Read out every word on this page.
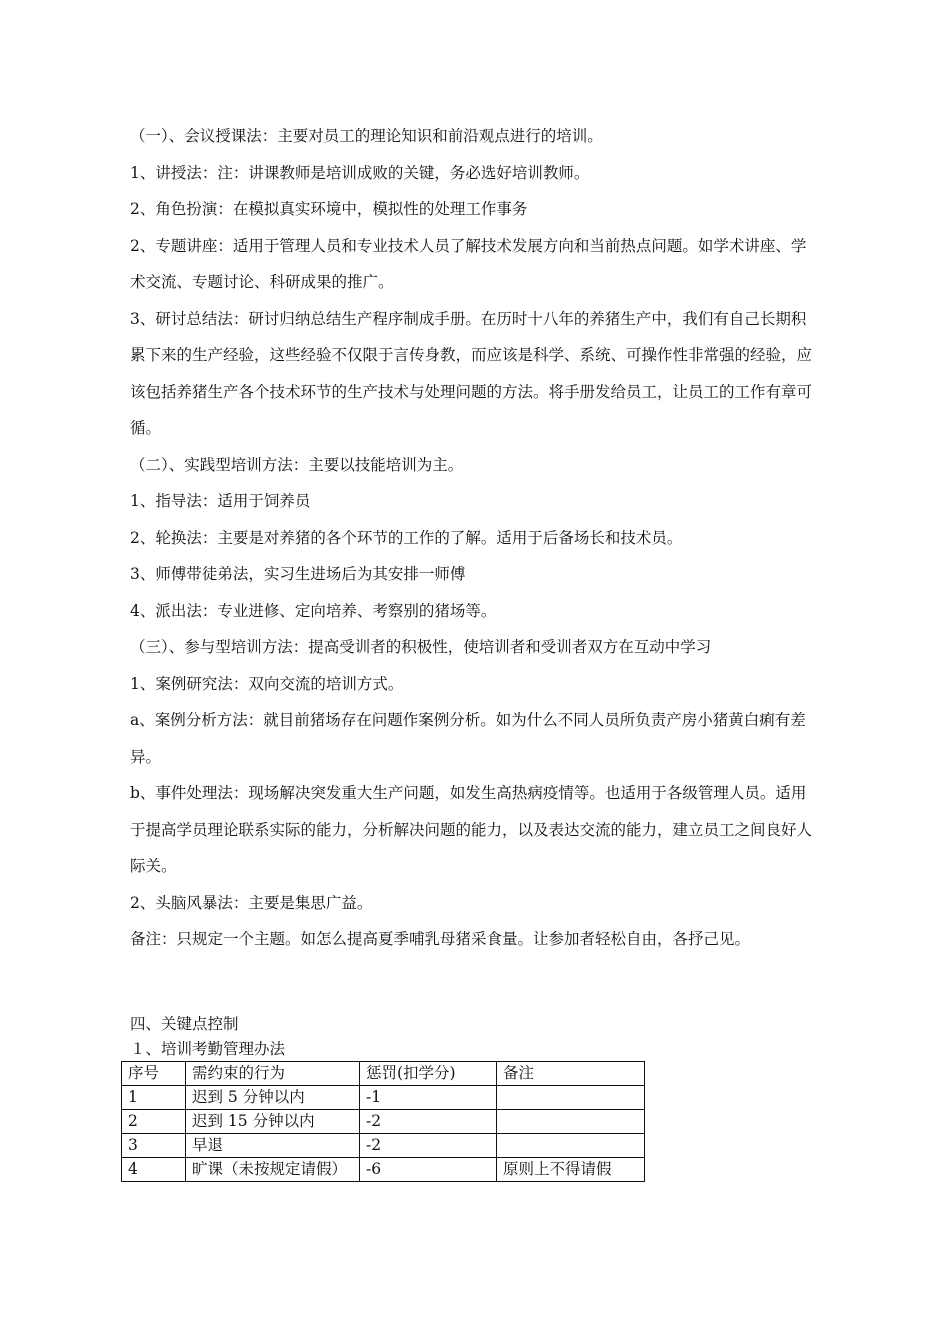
（一）、会议授课法：主要对员工的理论知识和前沿观点进行的培训。

1、讲授法：注：讲课教师是培训成败的关键，务必选好培训教师。

2、角色扮演：在模拟真实环境中，模拟性的处理工作事务

2、专题讲座：适用于管理人员和专业技术人员了解技术发展方向和当前热点问题。如学术讲座、学术交流、专题讨论、科研成果的推广。

3、研讨总结法：研讨归纳总结生产程序制成手册。在历时十八年的养猪生产中，我们有自己长期积累下来的生产经验，这些经验不仅限于言传身教，而应该是科学、系统、可操作性非常强的经验，应该包括养猪生产各个技术环节的生产技术与处理问题的方法。将手册发给员工，让员工的工作有章可循。

（二）、实践型培训方法：主要以技能培训为主。

1、指导法：适用于饲养员

2、轮换法：主要是对养猪的各个环节的工作的了解。适用于后备场长和技术员。

3、师傅带徒弟法，实习生进场后为其安排一师傅

4、派出法：专业进修、定向培养、考察别的猪场等。

（三）、参与型培训方法：提高受训者的积极性，使培训者和受训者双方在互动中学习

1、案例研究法：双向交流的培训方式。

a、案例分析方法：就目前猪场存在问题作案例分析。如为什么不同人员所负责产房小猪黄白痢有差异。

b、事件处理法：现场解决突发重大生产问题，如发生高热病疫情等。也适用于各级管理人员。适用于提高学员理论联系实际的能力，分析解决问题的能力，以及表达交流的能力，建立员工之间良好人际关。

2、头脑风暴法：主要是集思广益。

备注：只规定一个主题。如怎么提高夏季哺乳母猪采食量。让参加者轻松自由，各抒己见。

四、关键点控制
１、培训考勤管理办法
序号	需约束的行为	惩罚(扣学分)	备注
1	迟到 5 分钟以内	-1	
2	迟到 15 分钟以内	-2	
3	早退	-2	
4	旷课（未按规定请假）	-6	原则上不得请假
